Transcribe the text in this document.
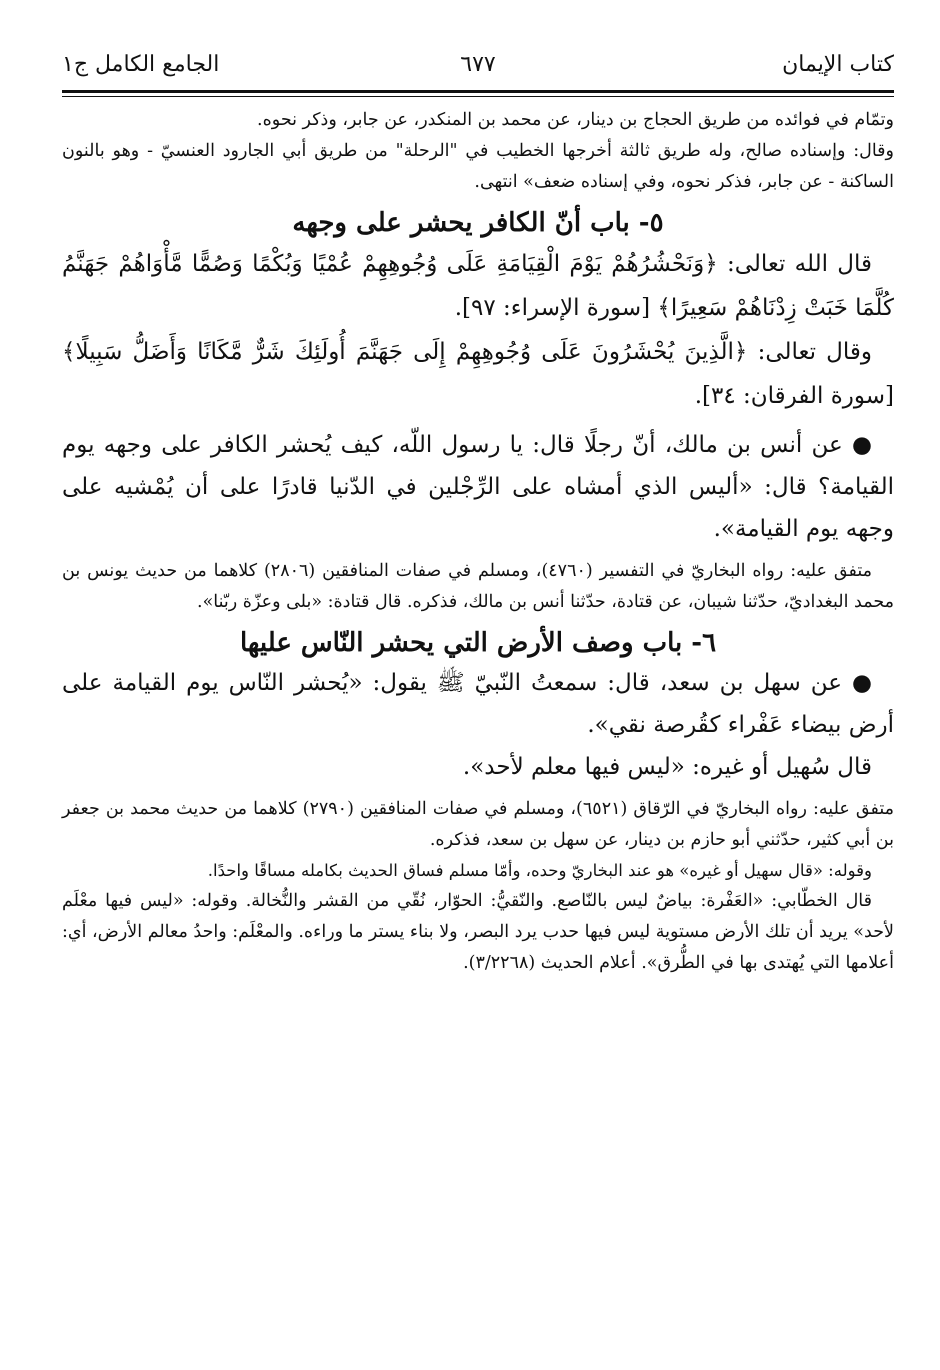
كتاب الإيمان
٦٧٧
الجامع الكامل ج١

وتمّام في فوائده من طريق الحجاج بن دينار، عن محمد بن المنكدر، عن جابر، وذكر نحوه.

وقال: وإسناده صالح، وله طريق ثالثة أخرجها الخطيب في "الرحلة" من طريق أبي الجارود العنسيّ - وهو بالنون الساكنة - عن جابر، فذكر نحوه، وفي إسناده ضعف» انتهى.

٥- باب أنّ الكافر يحشر على وجهه

قال الله تعالى: ﴿وَنَحْشُرُهُمْ يَوْمَ الْقِيَامَةِ عَلَى وُجُوهِهِمْ عُمْيًا وَبُكْمًا وَصُمًّا مَّأْوَاهُمْ جَهَنَّمُ كُلَّمَا خَبَتْ زِدْنَاهُمْ سَعِيرًا﴾ [سورة الإسراء: ٩٧].

وقال تعالى: ﴿الَّذِينَ يُحْشَرُونَ عَلَى وُجُوهِهِمْ إِلَى جَهَنَّمَ أُولَئِكَ شَرٌّ مَّكَانًا وَأَضَلُّ سَبِيلًا﴾ [سورة الفرقان: ٣٤].

● عن أنس بن مالك، أنّ رجلًا قال: يا رسول اللّه، كيف يُحشر الكافر على وجهه يوم القيامة؟ قال: «أليس الذي أمشاه على الرِّجْلين في الدّنيا قادرًا على أن يُمْشيه على وجهه يوم القيامة».

متفق عليه: رواه البخاريّ في التفسير (٤٧٦٠)، ومسلم في صفات المنافقين (٢٨٠٦) كلاهما من حديث يونس بن محمد البغداديّ، حدّثنا شيبان، عن قتادة، حدّثنا أنس بن مالك، فذكره. قال قتادة: «بلى وعزّة ربّنا».

٦- باب وصف الأرض التي يحشر النّاس عليها

● عن سهل بن سعد، قال: سمعتُ النّبيّ ﷺ يقول: «يُحشر النّاس يوم القيامة على أرض بيضاء عَفْراء كقُرصة نقي».

قال سُهيل أو غيره: «ليس فيها معلم لأحد».

متفق عليه: رواه البخاريّ في الرّقاق (٦٥٢١)، ومسلم في صفات المنافقين (٢٧٩٠) كلاهما من حديث محمد بن جعفر بن أبي كثير، حدّثني أبو حازم بن دينار، عن سهل بن سعد، فذكره.

وقوله: «قال سهيل أو غيره» هو عند البخاريّ وحده، وأمّا مسلم فساق الحديث بكامله مساقًا واحدًا.

قال الخطّابي: «العَفْرة: بياضٌ ليس بالنّاصع. والنّقيُّ: الحوّار، نُقّي من القشر والنُّخالة. وقوله: «ليس فيها معْلَم لأحد» يريد أن تلك الأرض مستوية ليس فيها حدب يرد البصر، ولا بناء يستر ما وراءه. والمعْلَم: واحدُ معالم الأرض، أي: أعلامها التي يُهتدى بها في الطُّرق». أعلام الحديث (٣/٢٢٦٨).
